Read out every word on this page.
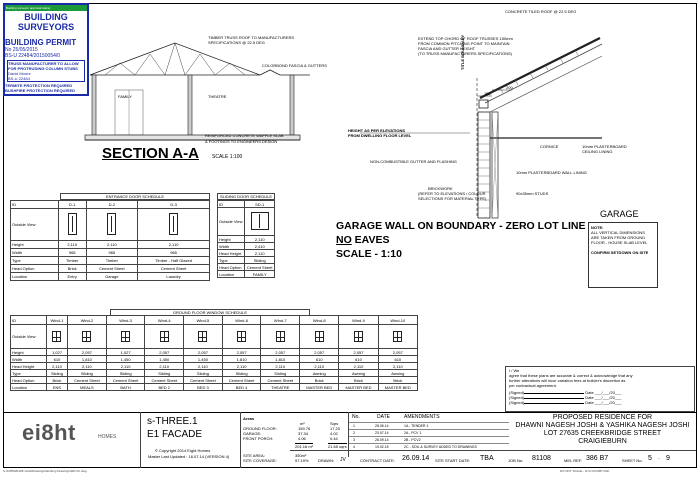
TIMBER TRUSS ROOF TO MANUFACTURERS SPECIFICATIONS @ 22.5 DEG
COLORBOND FASCIA & GUTTERS
FAMILY	THEATRE
REINFORCED CONCRETE WAFFLE SLAB
& FOOTINGS TO ENGINEERS DESIGN
SECTION A-A	SCALE 1:100
CONCRETE TILED ROOF @ 22.5 DEG
EXTEND TOP CHORD OF ROOF TRUSSES 150mm
FROM COMMON PITCHING POINT TO MAINTAIN
FASCIA AND GUTTER HEIGHT
(TO TRUSS MANUFACTURERS SPECIFICATIONS)
TITLE BOUNDARY
150
200
HEIGHT AS PER ELEVATIONS
FROM DWELLING FLOOR LEVEL
NON-COMBUSTIBLE GUTTER AND FLASHING
CORNICE	10mm PLASTERBOARD CEILING LINING
10mm PLASTERBOARD WALL LINING
BRICKWORK
(REFER TO ELEVATIONS / COLOUR
SELECTIONS FOR MATERIAL TYPE)
90x35mm STUDS
GARAGE
GARAGE WALL ON BOUNDARY - ZERO LOT LINE
NO EAVES
SCALE - 1:10
NOTE:
ALL VERTICAL DIMENSIONS
ARE TAKEN FROM GROUND
FLOOR - HOUSE SLAB LEVEL
CONFIRM SETDOWN ON SITE
ENTRANCE DOOR SCHEDULE
ID	D-1	D-2	D-3
Outside View			
Height	2,110	2,110	2,110
Width	965	965	965
Type	Timber	Timber	Timber - Half Glazed
Head Option	Brick	Cement Sheet	Cement Sheet
Location	Entry	Garage	Laundry
SLIDING DOOR SCHEDULE
ID	SD-1
Outside View	
Height	2,110
Width	2,410
Head Height	2,110
Type	Sliding
Head Option	Cement Sheet
Location	FAMILY
GROUND FLOOR WINDOW SCHEDULE
ID	Wind-1	Wind-2	Wind-3	Wind-4	Wind-5	Wind-6	Wind-7	Wind-8	Wind-9	Wind-10
Outside View										
Height	1,027	2,057	1,027	2,057	2,057	2,057	2,057	2,057	2,057	2,057
Width	610	1,810	1,450	1,450	1,450	1,810	1,810	610	610	610
Head Height	2,110	2,110	2,110	2,110	2,110	2,110	2,110	2,110	2,110	2,110
Type	Sliding	Sliding	Sliding	Sliding	Sliding	Sliding	Sliding	Awning	Awning	Awning
Head Option	Brick	Cement Sheet	Cement Sheet	Cement Sheet	Cement Sheet	Cement Sheet	Cement Sheet	Brick	Brick	Brick
Location	ENS	MEALS	BATH	BED 2	BED 3	BED 4	THEATRE	MASTER BED	MASTER BED	MASTER BED
I / We
agree that these plans are accurate & correct & acknowledge that any
further alterations will incur variation fees at builder's discretion as
per contractual agreement.
(Signed)	Date ___/___/20___
(Signed)	Date ___/___/20___
(Signed)	Date ___/___/20___
ei8ht	HOMES
s-THREE.1
E1 FACADE
© Copyright 2014 Eight Homes
Master Last Updated : 16.07.14 (VERSION 4)
Areas
m²	Sqrs
GROUND FLOOR:	159.76	17.20
GARAGE:	37.34	4.02
FRONT PORCH:	4.06	0.44
201.16 m²	21.65 sqrs
SITE AREA:	350m²
SITE COVERAGE:	57.19%
No.	DATE	AMENDMENTS
1	28.06.14	1A - TENDER 1
2	23.07.14	2A - PCV 1
3	26.09.14	2B - PCV2
4	19.02.15	2C - SOIL & SURVEY ADDED TO DRAWINGS
PROPOSED RESIDENCE FOR
DHAWNI NAGESH JOSHI & YASHIKA NAGESH JOSHI
LOT 27635 CREEKBRIDGE STREET
CRAIGIEBURN
DRAWN: JV	CONTRACT DATE: 26.09.14 SITE START DATE: TBA	JOB No: 81108	MEL REF: 386 B7	SHEET No. 5 · 9
S:\JOBS\81108 Joshi\Drawings\Working Drawings\WD 2C.dwg	DO NOT SCALE - IF IN DOUBT ASK
Building surveyor approval stamp
BUILDING
SURVEYORS
BUILDING PERMIT
No 25/05/2015
BS-U 22484/20150054/0
TRUSS MANUFACTURER TO ALLOW
FOR PROTRUDING COLUMN STUBS
David Moore
BS-U 22484
TERMITE PROTECTION REQUIRED
BUSHFIRE PROTECTION REQUIRED
